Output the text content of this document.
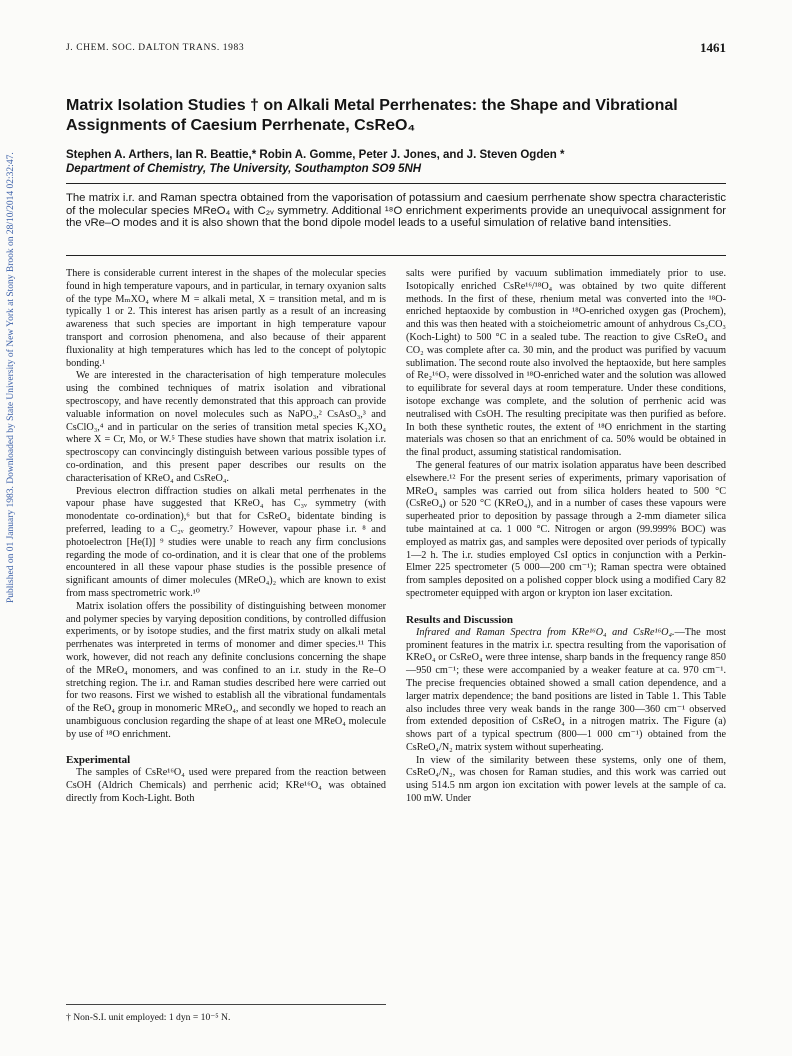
Published on 01 January 1983. Downloaded by State University of New York at Stony Brook on 28/10/2014 02:32:47.
J. CHEM. SOC. DALTON TRANS. 1983	1461
Matrix Isolation Studies † on Alkali Metal Perrhenates: the Shape and Vibrational Assignments of Caesium Perrhenate, CsReO₄
Stephen A. Arthers, Ian R. Beattie,* Robin A. Gomme, Peter J. Jones, and J. Steven Ogden *
Department of Chemistry, The University, Southampton SO9 5NH

The matrix i.r. and Raman spectra obtained from the vaporisation of potassium and caesium perrhenate show spectra characteristic of the molecular species MReO₄ with C₂ᵥ symmetry. Additional ¹⁸O enrichment experiments provide an unequivocal assignment for the νRe–O modes and it is also shown that the bond dipole model leads to a useful simulation of relative band intensities.

There is considerable current interest in the shapes of the molecular species found in high temperature vapours, and in particular, in ternary oxyanion salts of the type MₘXO₄ where M = alkali metal, X = transition metal, and m is typically 1 or 2. This interest has arisen partly as a result of an increasing awareness that such species are important in high temperature vapour transport and corrosion phenomena, and also because of their apparent fluxionality at high temperatures which has led to the concept of polytopic bonding.¹

We are interested in the characterisation of high temperature molecules using the combined techniques of matrix isolation and vibrational spectroscopy, and have recently demonstrated that this approach can provide valuable information on novel molecules such as NaPO₃,² CsAsO₃,³ and CsClO₃,⁴ and in particular on the series of transition metal species K₂XO₄ where X = Cr, Mo, or W.⁵ These studies have shown that matrix isolation i.r. spectroscopy can convincingly distinguish between various possible types of co-ordination, and this present paper describes our results on the characterisation of KReO₄ and CsReO₄.

Previous electron diffraction studies on alkali metal perrhenates in the vapour phase have suggested that KReO₄ has C₃ᵥ symmetry (with monodentate co-ordination),⁶ but that for CsReO₄ bidentate binding is preferred, leading to a C₂ᵥ geometry.⁷ However, vapour phase i.r. ⁸ and photoelectron [He(I)] ⁹ studies were unable to reach any firm conclusions regarding the mode of co-ordination, and it is clear that one of the problems encountered in all these vapour phase studies is the possible presence of significant amounts of dimer molecules (MReO₄)₂ which are known to exist from mass spectrometric work.¹⁰

Matrix isolation offers the possibility of distinguishing between monomer and polymer species by varying deposition conditions, by controlled diffusion experiments, or by isotope studies, and the first matrix study on alkali metal perrhenates was interpreted in terms of monomer and dimer species.¹¹ This work, however, did not reach any definite conclusions concerning the shape of the MReO₄ monomers, and was confined to an i.r. study in the Re–O stretching region. The i.r. and Raman studies described here were carried out for two reasons. First we wished to establish all the vibrational fundamentals of the ReO₄ group in monomeric MReO₄, and secondly we hoped to reach an unambiguous conclusion regarding the shape of at least one MReO₄ molecule by use of ¹⁸O enrichment.

Experimental

The samples of CsRe¹⁶O₄ used were prepared from the reaction between CsOH (Aldrich Chemicals) and perrhenic acid; KRe¹⁶O₄ was obtained directly from Koch-Light. Both

salts were purified by vacuum sublimation immediately prior to use. Isotopically enriched CsRe¹⁶/¹⁸O₄ was obtained by two quite different methods. In the first of these, rhenium metal was converted into the ¹⁸O-enriched heptaoxide by combustion in ¹⁸O-enriched oxygen gas (Prochem), and this was then heated with a stoicheiometric amount of anhydrous Cs₂CO₃ (Koch-Light) to 500 °C in a sealed tube. The reaction to give CsReO₄ and CO₂ was complete after ca. 30 min, and the product was purified by vacuum sublimation. The second route also involved the heptaoxide, but here samples of Re₂¹⁶O₇ were dissolved in ¹⁸O-enriched water and the solution was allowed to equilibrate for several days at room temperature. Under these conditions, isotope exchange was complete, and the solution of perrhenic acid was neutralised with CsOH. The resulting precipitate was then purified as before. In both these synthetic routes, the extent of ¹⁸O enrichment in the starting materials was chosen so that an enrichment of ca. 50% would be obtained in the final product, assuming statistical randomisation.

The general features of our matrix isolation apparatus have been described elsewhere.¹² For the present series of experiments, primary vaporisation of MReO₄ samples was carried out from silica holders heated to 500 °C (CsReO₄) or 520 °C (KReO₄), and in a number of cases these vapours were superheated prior to deposition by passage through a 2-mm diameter silica tube maintained at ca. 1 000 °C. Nitrogen or argon (99.999% BOC) was employed as matrix gas, and samples were deposited over periods of typically 1—2 h. The i.r. studies employed CsI optics in conjunction with a Perkin-Elmer 225 spectrometer (5 000—200 cm⁻¹); Raman spectra were obtained from samples deposited on a polished copper block using a modified Cary 82 spectrometer equipped with argon or krypton ion laser excitation.

Results and Discussion

Infrared and Raman Spectra from KRe¹⁶O₄ and CsRe¹⁶O₄.—The most prominent features in the matrix i.r. spectra resulting from the vaporisation of KReO₄ or CsReO₄ were three intense, sharp bands in the frequency range 850—950 cm⁻¹; these were accompanied by a weaker feature at ca. 970 cm⁻¹. The precise frequencies obtained showed a small cation dependence, and a larger matrix dependence; the band positions are listed in Table 1. This Table also includes three very weak bands in the range 300—360 cm⁻¹ observed from extended deposition of CsReO₄ in a nitrogen matrix. The Figure (a) shows part of a typical spectrum (800—1 000 cm⁻¹) obtained from the CsReO₄/N₂ matrix system without superheating.

In view of the similarity between these systems, only one of them, CsReO₄/N₂, was chosen for Raman studies, and this work was carried out using 514.5 nm argon ion excitation with power levels at the sample of ca. 100 mW. Under

† Non-S.I. unit employed: 1 dyn = 10⁻⁵ N.
